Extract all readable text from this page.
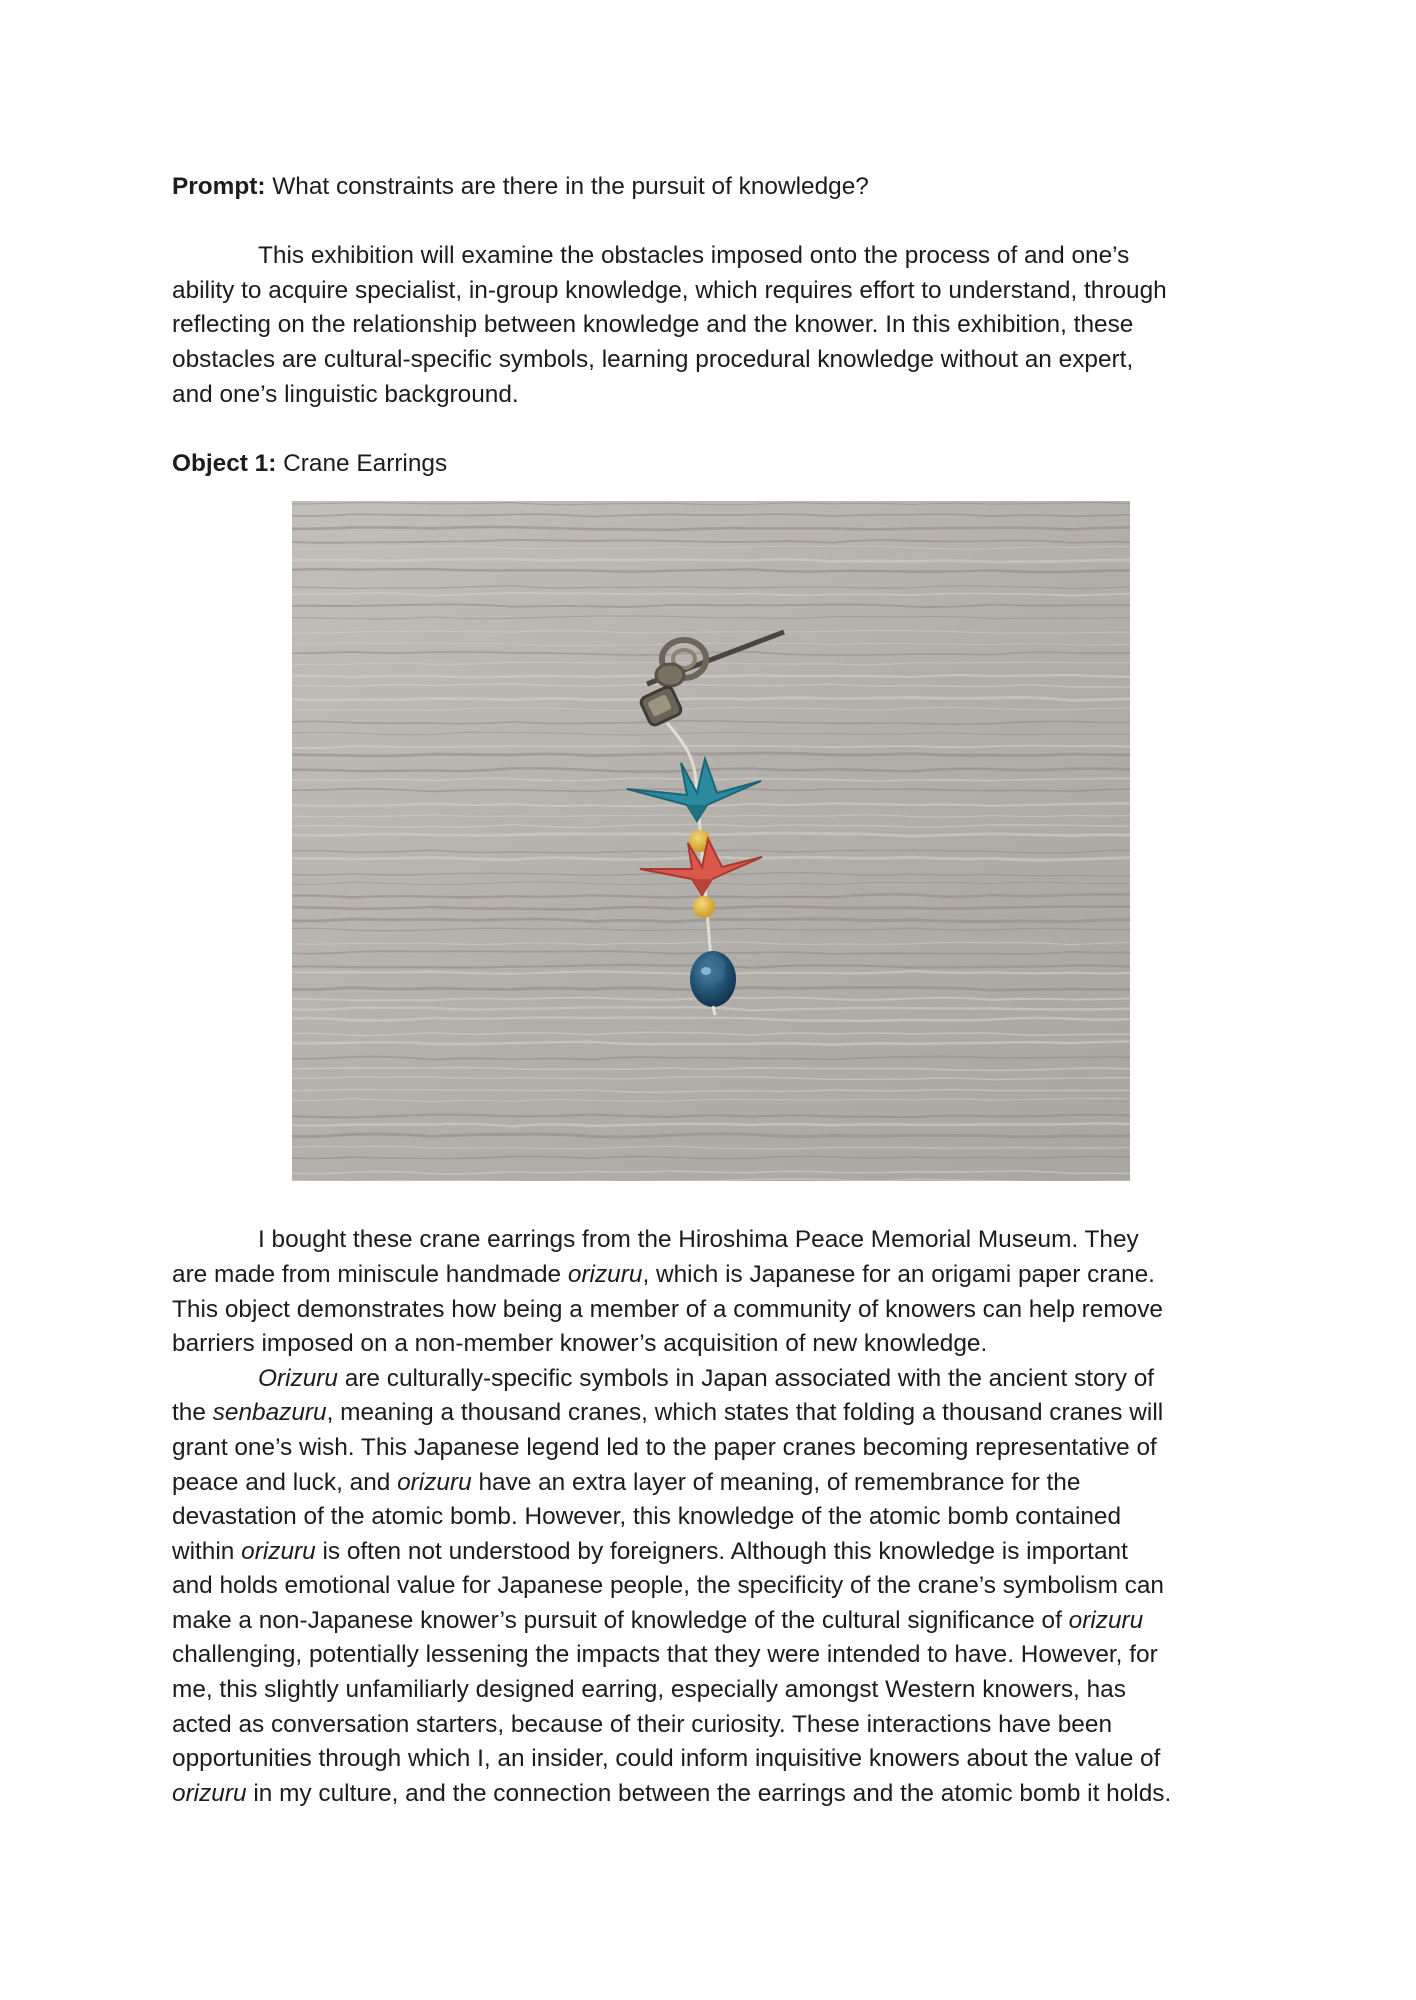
Prompt: What constraints are there in the pursuit of knowledge?
This exhibition will examine the obstacles imposed onto the process of and one’s
ability to acquire specialist, in-group knowledge, which requires effort to understand, through
reflecting on the relationship between knowledge and the knower. In this exhibition, these
obstacles are cultural-specific symbols, learning procedural knowledge without an expert,
and one’s linguistic background.
Object 1: Crane Earrings
I bought these crane earrings from the Hiroshima Peace Memorial Museum. They
are made from miniscule handmade orizuru, which is Japanese for an origami paper crane.
This object demonstrates how being a member of a community of knowers can help remove
barriers imposed on a non-member knower’s acquisition of new knowledge.
Orizuru are culturally-specific symbols in Japan associated with the ancient story of
the senbazuru, meaning a thousand cranes, which states that folding a thousand cranes will
grant one’s wish. This Japanese legend led to the paper cranes becoming representative of
peace and luck, and orizuru have an extra layer of meaning, of remembrance for the
devastation of the atomic bomb. However, this knowledge of the atomic bomb contained
within orizuru is often not understood by foreigners. Although this knowledge is important
and holds emotional value for Japanese people, the specificity of the crane’s symbolism can
make a non-Japanese knower’s pursuit of knowledge of the cultural significance of orizuru
challenging, potentially lessening the impacts that they were intended to have. However, for
me, this slightly unfamiliarly designed earring, especially amongst Western knowers, has
acted as conversation starters, because of their curiosity. These interactions have been
opportunities through which I, an insider, could inform inquisitive knowers about the value of
orizuru in my culture, and the connection between the earrings and the atomic bomb it holds.
